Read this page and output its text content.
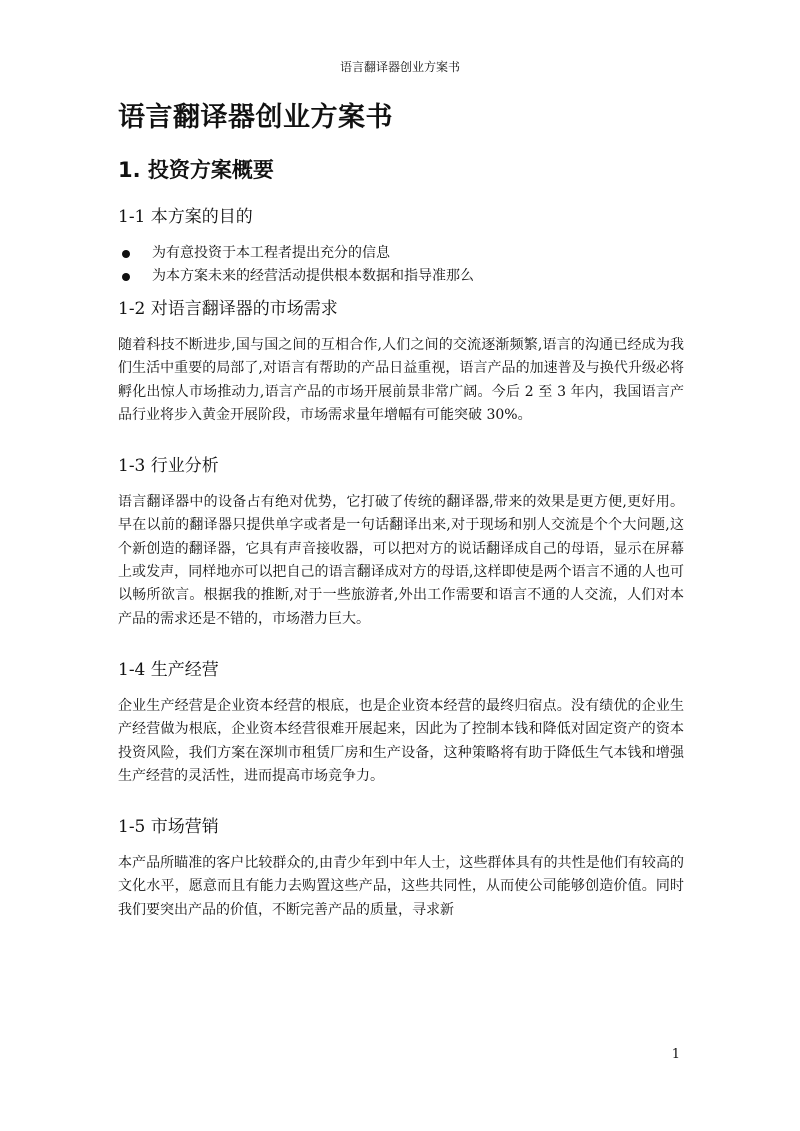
语言翻译器创业方案书
语言翻译器创业方案书
1. 投资方案概要
1-1 本方案的目的
为有意投资于本工程者提出充分的信息
为本方案未来的经营活动提供根本数据和指导准那么
1-2 对语言翻译器的市场需求

随着科技不断进步,国与国之间的互相合作,人们之间的交流逐渐频繁,语言的沟通已经成为我们生活中重要的局部了,对语言有帮助的产品日益重视，语言产品的加速普及与换代升级必将孵化出惊人市场推动力,语言产品的市场开展前景非常广阔。今后 2 至 3 年内，我国语言产品行业将步入黄金开展阶段，市场需求量年增幅有可能突破 30%。

1-3 行业分析

语言翻译器中的设备占有绝对优势，它打破了传统的翻译器,带来的效果是更方便,更好用。早在以前的翻译器只提供单字或者是一句话翻译出来,对于现场和别人交流是个个大问题,这个新创造的翻译器，它具有声音接收器，可以把对方的说话翻译成自己的母语，显示在屏幕上或发声，同样地亦可以把自己的语言翻译成对方的母语,这样即使是两个语言不通的人也可以畅所欲言。根据我的推断,对于一些旅游者,外出工作需要和语言不通的人交流，人们对本产品的需求还是不错的，市场潜力巨大。

1-4 生产经营

企业生产经营是企业资本经营的根底，也是企业资本经营的最终归宿点。没有绩优的企业生产经营做为根底，企业资本经营很难开展起来，因此为了控制本钱和降低对固定资产的资本投资风险，我们方案在深圳市租赁厂房和生产设备，这种策略将有助于降低生气本钱和增强生产经营的灵活性，进而提高市场竞争力。

1-5 市场营销

本产品所瞄准的客户比较群众的,由青少年到中年人士，这些群体具有的共性是他们有较高的文化水平，愿意而且有能力去购置这些产品，这些共同性，从而使公司能够创造价值。同时我们要突出产品的价值，不断完善产品的质量，寻求新

1
